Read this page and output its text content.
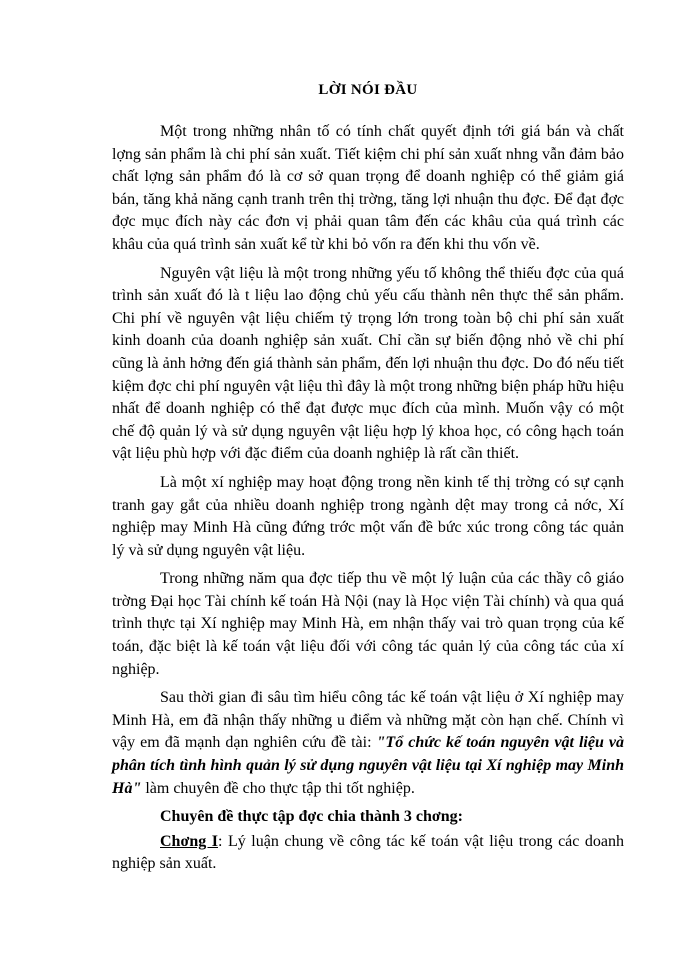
LỜI NÓI ĐẦU

Một trong những nhân tố có tính chất quyết định tới giá bán và chất lợng sản phẩm là chi phí sản xuất. Tiết kiệm chi phí sản xuất nhng vẫn đảm bảo chất lợng sản phẩm đó là cơ sở quan trọng để doanh nghiệp có thể giảm giá bán, tăng khả năng cạnh tranh trên thị trờng, tăng lợi nhuận thu đợc. Để đạt đợc đợc mục đích này các đơn vị phải quan tâm đến các khâu của quá trình các khâu của quá trình sản xuất kể từ khi bỏ vốn ra đến khi thu vốn về.

Nguyên vật liệu là một trong những yếu tố không thể thiếu đợc của quá trình sản xuất đó là t liệu lao động chủ yếu cấu thành nên thực thể sản phẩm. Chi phí về nguyên vật liệu chiếm tỷ trọng lớn trong toàn bộ chi phí sản xuất kinh doanh của doanh nghiệp sản xuất. Chỉ cần sự biến động nhỏ về chi phí cũng là ảnh hởng đến giá thành sản phẩm, đến lợi nhuận thu đợc. Do đó nếu tiết kiệm đợc chi phí nguyên vật liệu thì đây là một trong những biện pháp hữu hiệu nhất để doanh nghiệp có thể đạt được mục đích của mình. Muốn vậy có một chế độ quản lý và sử dụng nguyên vật liệu hợp lý khoa học, có công hạch toán vật liệu phù hợp với đặc điểm của doanh nghiệp là rất cần thiết.

Là một xí nghiệp may hoạt động trong nền kinh tế thị trờng có sự cạnh tranh gay gắt của nhiều doanh nghiệp trong ngành dệt may trong cả nớc, Xí nghiệp may Minh Hà cũng đứng trớc một vấn đề bức xúc trong công tác quản lý và sử dụng nguyên vật liệu.

Trong những năm qua đợc tiếp thu về một lý luận của các thầy cô giáo trờng Đại học Tài chính kế toán Hà Nội (nay là Học viện Tài chính) và qua quá trình thực tại Xí nghiệp may Minh Hà, em nhận thấy vai trò quan trọng của kế toán, đặc biệt là kế toán vật liệu đối với công tác quản lý của công tác của xí nghiệp.

Sau thời gian đi sâu tìm hiểu công tác kế toán vật liệu ở Xí nghiệp may Minh Hà, em đã nhận thấy những u điểm và những mặt còn hạn chế. Chính vì vậy em đã mạnh dạn nghiên cứu đề tài: "Tổ chức kế toán nguyên vật liệu và phân tích tình hình quản lý sử dụng nguyên vật liệu tại Xí nghiệp may Minh Hà" làm chuyên đề cho thực tập thi tốt nghiệp.

Chuyên đề thực tập đợc chia thành 3 chơng:

Chơng I: Lý luận chung về công tác kế toán vật liệu trong các doanh nghiệp sản xuất.
